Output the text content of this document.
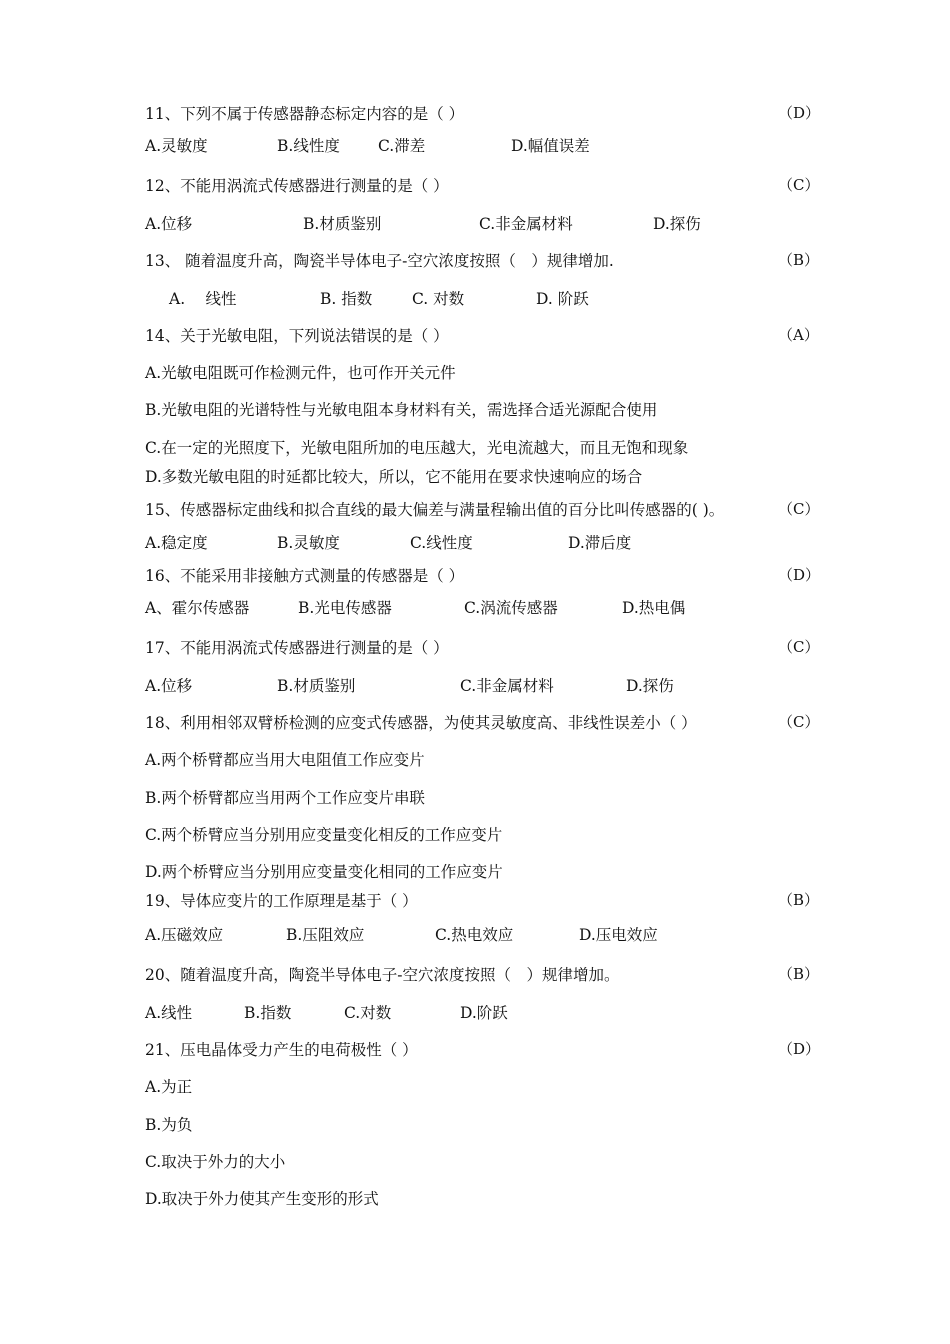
11、下列不属于传感器静态标定内容的是（ ）	（D）
A.灵敏度	B.线性度 C.滞差	D.幅值误差
12、不能用涡流式传感器进行测量的是（ ）	（C）
A.位移	B.材质鉴别	C.非金属材料	D.探伤
13、 随着温度升高，陶瓷半导体电子-空穴浓度按照（　）规律增加.	（B）
A.　 线性	B. 指数	C. 对数	D. 阶跃
14、关于光敏电阻，下列说法错误的是（ ）	（A）
A.光敏电阻既可作检测元件，也可作开关元件
B.光敏电阻的光谱特性与光敏电阻本身材料有关，需选择合适光源配合使用
C.在一定的光照度下，光敏电阻所加的电压越大，光电流越大，而且无饱和现象
D.多数光敏电阻的时延都比较大，所以，它不能用在要求快速响应的场合
15、传感器标定曲线和拟合直线的最大偏差与满量程输出值的百分比叫传感器的( )。	（C）
A.稳定度	B.灵敏度	C.线性度	D.滞后度
16、不能采用非接触方式测量的传感器是（ ）	（D）
A、霍尔传感器	B.光电传感器	C.涡流传感器	D.热电偶
17、不能用涡流式传感器进行测量的是（ ）	（C）
A.位移	B.材质鉴别	C.非金属材料	D.探伤
18、利用相邻双臂桥检测的应变式传感器，为使其灵敏度高、非线性误差小（ ）	（C）
A.两个桥臂都应当用大电阻值工作应变片
B.两个桥臂都应当用两个工作应变片串联
C.两个桥臂应当分别用应变量变化相反的工作应变片
D.两个桥臂应当分别用应变量变化相同的工作应变片
19、导体应变片的工作原理是基于（ ）	（B）
A.压磁效应	B.压阻效应	C.热电效应	D.压电效应
20、随着温度升高，陶瓷半导体电子-空穴浓度按照（　）规律增加。	（B）
A.线性	B.指数	C.对数	D.阶跃
21、压电晶体受力产生的电荷极性（ ）	（D）
A.为正
B.为负
C.取决于外力的大小
D.取决于外力使其产生变形的形式
